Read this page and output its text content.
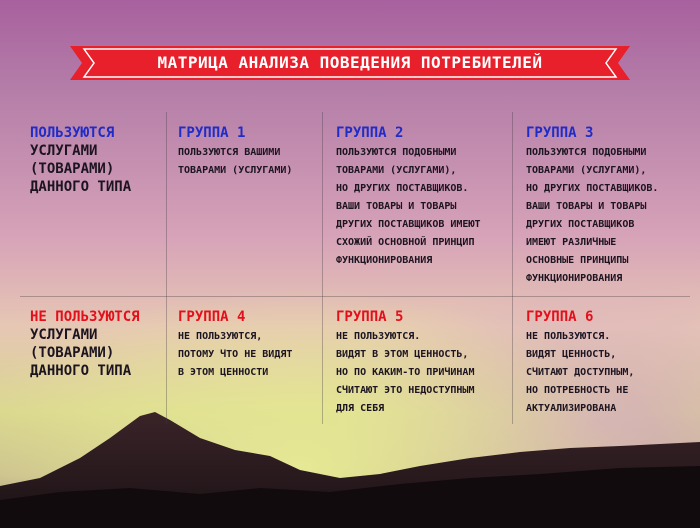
МАТРИЦА АНАЛИЗА ПОВЕДЕНИЯ ПОТРЕБИТЕЛЕЙ
ПОЛЬЗУЮТСЯ
УСЛУГАМИ
(ТОВАРАМИ)
ДАННОГО ТИПА
ГРУППА 1
ПОЛЬЗУЮТСЯ ВАШИМИ
ТОВАРАМИ (УСЛУГАМИ)
ГРУППА 2
ПОЛЬЗУЮТСЯ ПОДОБНЫМИ
ТОВАРАМИ (УСЛУГАМИ),
НО ДРУГИХ ПОСТАВЩИКОВ.
ВАШИ ТОВАРЫ И ТОВАРЫ
ДРУГИХ ПОСТАВЩИКОВ ИМЕЮТ
СХОЖИЙ ОСНОВНОЙ ПРИНЦИП
ФУНКЦИОНИРОВАНИЯ
ГРУППА 3
ПОЛЬЗУЮТСЯ ПОДОБНЫМИ
ТОВАРАМИ (УСЛУГАМИ),
НО ДРУГИХ ПОСТАВЩИКОВ.
ВАШИ ТОВАРЫ И ТОВАРЫ
ДРУГИХ ПОСТАВЩИКОВ
ИМЕЮТ РАЗЛИЧНЫЕ
ОСНОВНЫЕ ПРИНЦИПЫ
ФУНКЦИОНИРОВАНИЯ
НЕ ПОЛЬЗУЮТСЯ
УСЛУГАМИ
(ТОВАРАМИ)
ДАННОГО ТИПА
ГРУППА 4
НЕ ПОЛЬЗУЮТСЯ,
ПОТОМУ ЧТО НЕ ВИДЯТ
В ЭТОМ ЦЕННОСТИ
ГРУППА 5
НЕ ПОЛЬЗУЮТСЯ.
ВИДЯТ В ЭТОМ ЦЕННОСТЬ,
НО ПО КАКИМ-ТО ПРИЧИНАМ
СЧИТАЮТ ЭТО НЕДОСТУПНЫМ
ДЛЯ СЕБЯ
ГРУППА 6
НЕ ПОЛЬЗУЮТСЯ.
ВИДЯТ ЦЕННОСТЬ,
СЧИТАЮТ ДОСТУПНЫМ,
НО ПОТРЕБНОСТЬ НЕ
АКТУАЛИЗИРОВАНА
